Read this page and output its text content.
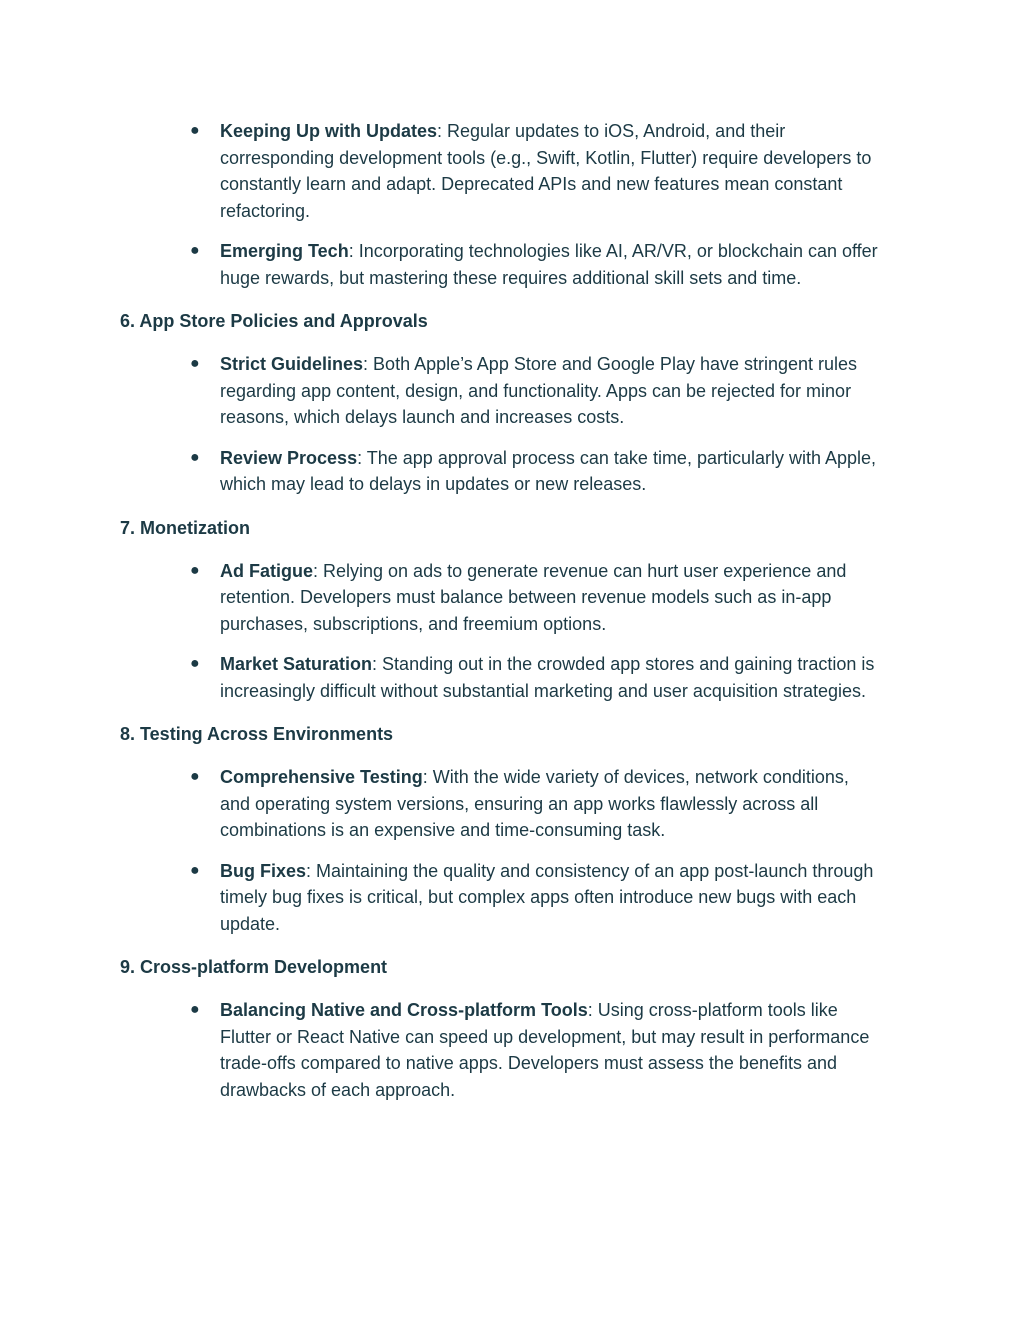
● Keeping Up with Updates: Regular updates to iOS, Android, and their corresponding development tools (e.g., Swift, Kotlin, Flutter) require developers to constantly learn and adapt. Deprecated APIs and new features mean constant refactoring.
● Emerging Tech: Incorporating technologies like AI, AR/VR, or blockchain can offer huge rewards, but mastering these requires additional skill sets and time.
6. App Store Policies and Approvals
● Strict Guidelines: Both Apple’s App Store and Google Play have stringent rules regarding app content, design, and functionality. Apps can be rejected for minor reasons, which delays launch and increases costs.
● Review Process: The app approval process can take time, particularly with Apple, which may lead to delays in updates or new releases.
7. Monetization
● Ad Fatigue: Relying on ads to generate revenue can hurt user experience and retention. Developers must balance between revenue models such as in-app purchases, subscriptions, and freemium options.
● Market Saturation: Standing out in the crowded app stores and gaining traction is increasingly difficult without substantial marketing and user acquisition strategies.
8. Testing Across Environments
● Comprehensive Testing: With the wide variety of devices, network conditions, and operating system versions, ensuring an app works flawlessly across all combinations is an expensive and time-consuming task.
● Bug Fixes: Maintaining the quality and consistency of an app post-launch through timely bug fixes is critical, but complex apps often introduce new bugs with each update.
9. Cross-platform Development
● Balancing Native and Cross-platform Tools: Using cross-platform tools like Flutter or React Native can speed up development, but may result in performance trade-offs compared to native apps. Developers must assess the benefits and drawbacks of each approach.
